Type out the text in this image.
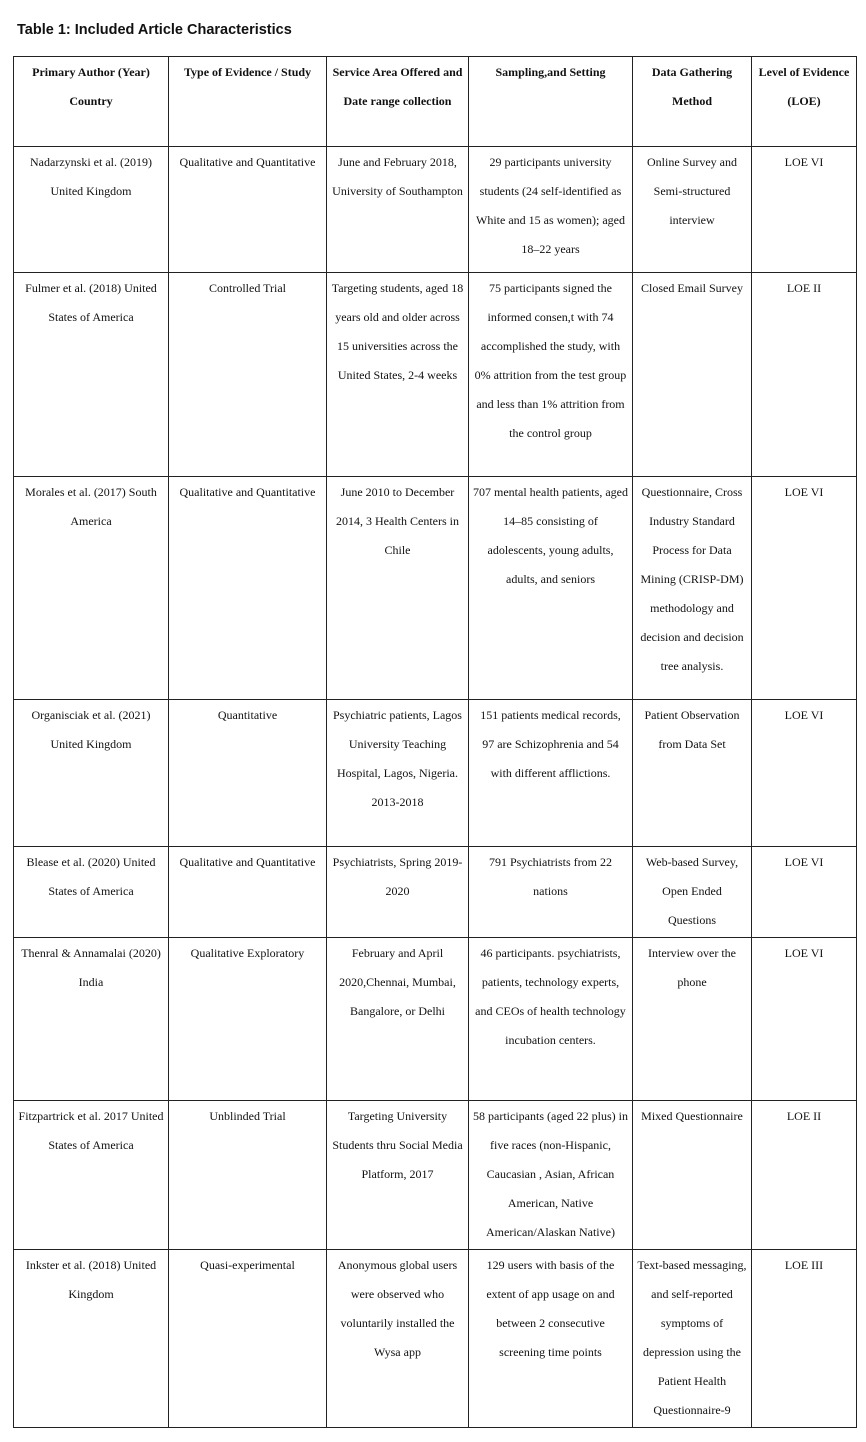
Table 1: Included Article Characteristics
Primary Author (Year) Country	Type of Evidence / Study	Service Area Offered and Date range collection	Sampling,and Setting	Data Gathering Method	Level of Evidence (LOE)
Nadarzynski et al. (2019) United Kingdom	Qualitative and Quantitative	June and February 2018, University of Southampton	29 participants university students (24 self-identified as White and 15 as women); aged 18–22 years	Online Survey and Semi-structured interview	LOE VI
Fulmer et al. (2018) United States of America	Controlled Trial	Targeting students, aged 18 years old and older across 15 universities across the United States, 2-4 weeks	75 participants signed the informed consen,t with 74 accomplished the study, with 0% attrition from the test group and less than 1% attrition from the control group	Closed Email Survey	LOE II
Morales et al. (2017) South America	Qualitative and Quantitative	June 2010 to December 2014, 3 Health Centers in Chile	707 mental health patients, aged 14–85 consisting of adolescents, young adults, adults, and seniors	Questionnaire, Cross Industry Standard Process for Data Mining (CRISP-DM) methodology and decision and decision tree analysis.	LOE VI
Organisciak et al. (2021) United Kingdom	Quantitative	Psychiatric patients, Lagos University Teaching Hospital, Lagos, Nigeria. 2013-2018	151 patients medical records, 97 are Schizophrenia and 54 with different afflictions.	Patient Observation from Data Set	LOE VI
Blease et al. (2020) United States of America	Qualitative and Quantitative	Psychiatrists, Spring 2019-2020	791 Psychiatrists from 22 nations	Web-based Survey, Open Ended Questions	LOE VI
Thenral & Annamalai (2020) India	Qualitative Exploratory	February and April 2020,Chennai, Mumbai, Bangalore, or Delhi	46 participants. psychiatrists, patients, technology experts, and CEOs of health technology incubation centers.	Interview over the phone	LOE VI
Fitzpartrick et al. 2017 United States of America	Unblinded Trial	Targeting University Students thru Social Media Platform, 2017	58 participants (aged 22 plus) in five races (non-Hispanic, Caucasian , Asian, African American, Native American/Alaskan Native)	Mixed Questionnaire	LOE II
Inkster et al. (2018) United Kingdom	Quasi-experimental	Anonymous global users were observed who voluntarily installed the Wysa app	129 users with basis of the extent of app usage on and between 2 consecutive screening time points	Text-based messaging, and self-reported symptoms of depression using the Patient Health Questionnaire-9	LOE III
